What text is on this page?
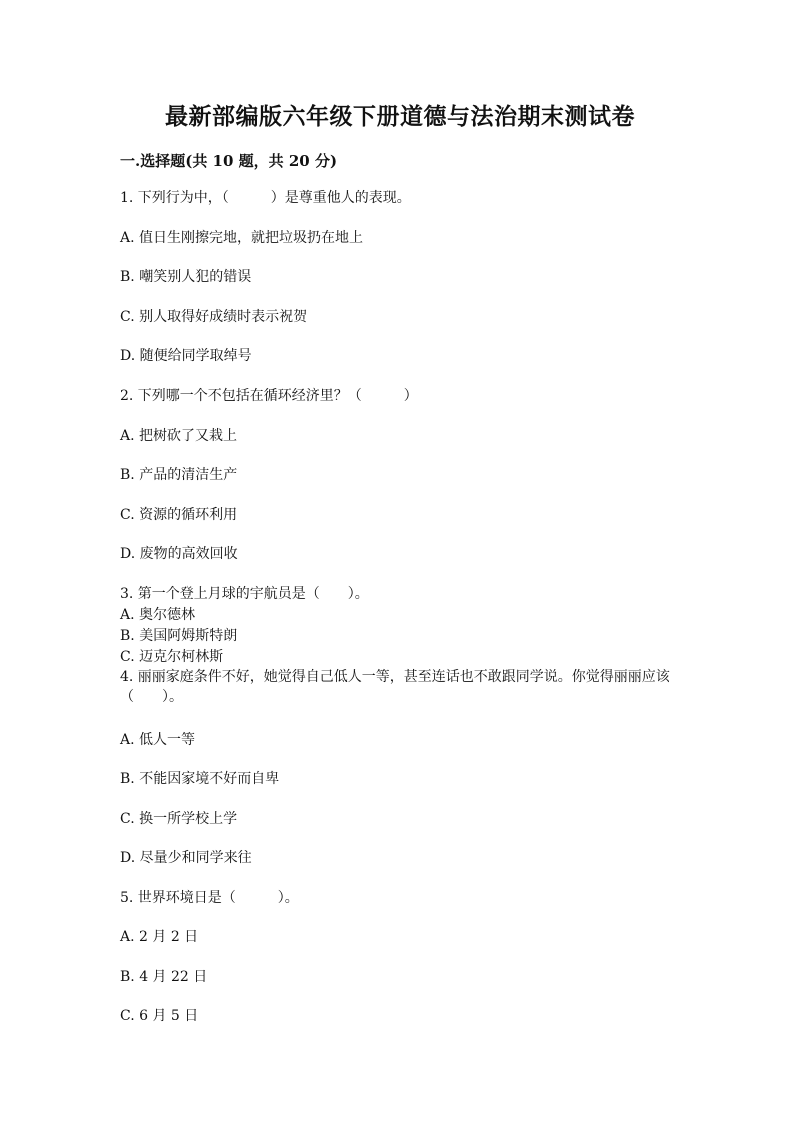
最新部编版六年级下册道德与法治期末测试卷
一.选择题(共 10 题，共 20 分)
1. 下列行为中，（　　　）是尊重他人的表现。
A. 值日生刚擦完地，就把垃圾扔在地上
B. 嘲笑别人犯的错误
C. 别人取得好成绩时表示祝贺
D. 随便给同学取绰号
2. 下列哪一个不包括在循环经济里？（　　　）
A. 把树砍了又栽上
B. 产品的清洁生产
C. 资源的循环利用
D. 废物的高效回收
3. 第一个登上月球的宇航员是（　　）。
A. 奥尔德林
B. 美国阿姆斯特朗
C. 迈克尔柯林斯
4. 丽丽家庭条件不好，她觉得自己低人一等，甚至连话也不敢跟同学说。你觉得丽丽应该（　　）。
A. 低人一等
B. 不能因家境不好而自卑
C. 换一所学校上学
D. 尽量少和同学来往
5. 世界环境日是（　　　）。
A. 2 月 2 日
B. 4 月 22 日
C. 6 月 5 日
